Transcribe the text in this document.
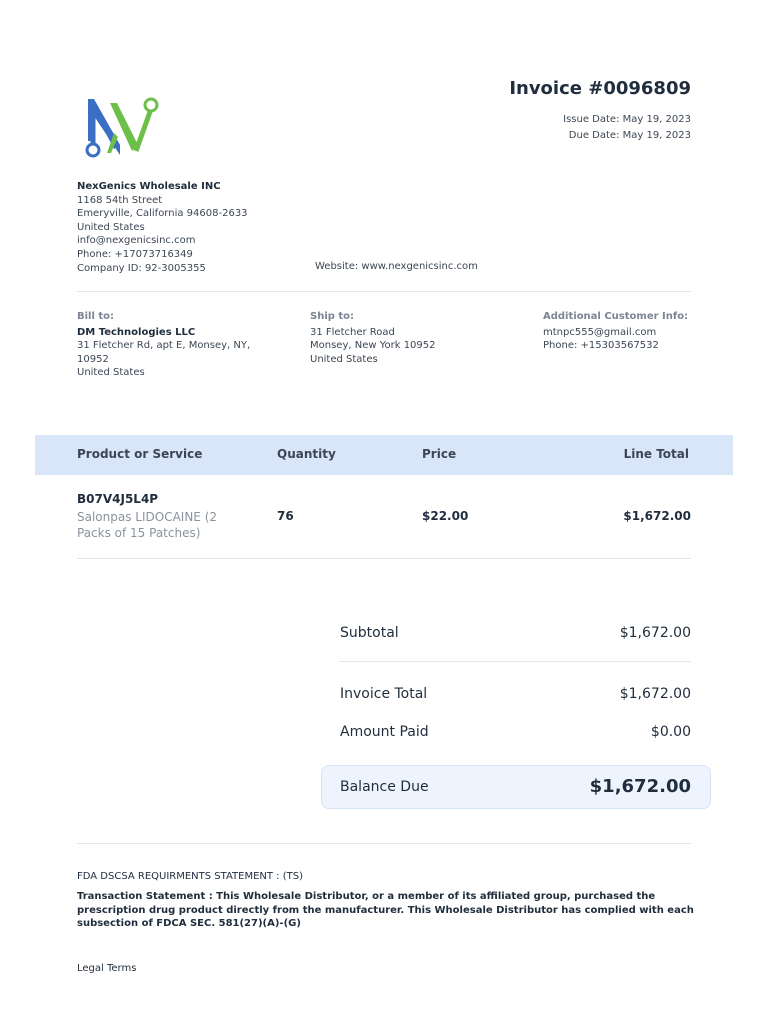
Invoice #0096809
Issue Date: May 19, 2023
Due Date: May 19, 2023
NexGenics Wholesale INC
1168 54th Street
Emeryville, California 94608-2633
United States
info@nexgenicsinc.com
Phone: +17073716349
Company ID: 92-3005355	Website: www.nexgenicsinc.com
Bill to:
DM Technologies LLC
31 Fletcher Rd, apt E, Monsey, NY,
10952
United States
Ship to:
31 Fletcher Road
Monsey, New York 10952
United States
Additional Customer Info:
mtnpc555@gmail.com
Phone: +15303567532
Product or Service	Quantity	Price	Line Total
B07V4J5L4P
Salonpas LIDOCAINE (2 Packs of 15 Patches)
76	$22.00	$1,672.00
Subtotal	$1,672.00
Invoice Total	$1,672.00
Amount Paid	$0.00
Balance Due	$1,672.00
FDA DSCSA REQUIRMENTS STATEMENT : (TS)
Transaction Statement : This Wholesale Distributor, or a member of its affiliated group, purchased the prescription drug product directly from the manufacturer. This Wholesale Distributor has complied with each subsection of FDCA SEC. 581(27)(A)-(G)
Legal Terms
